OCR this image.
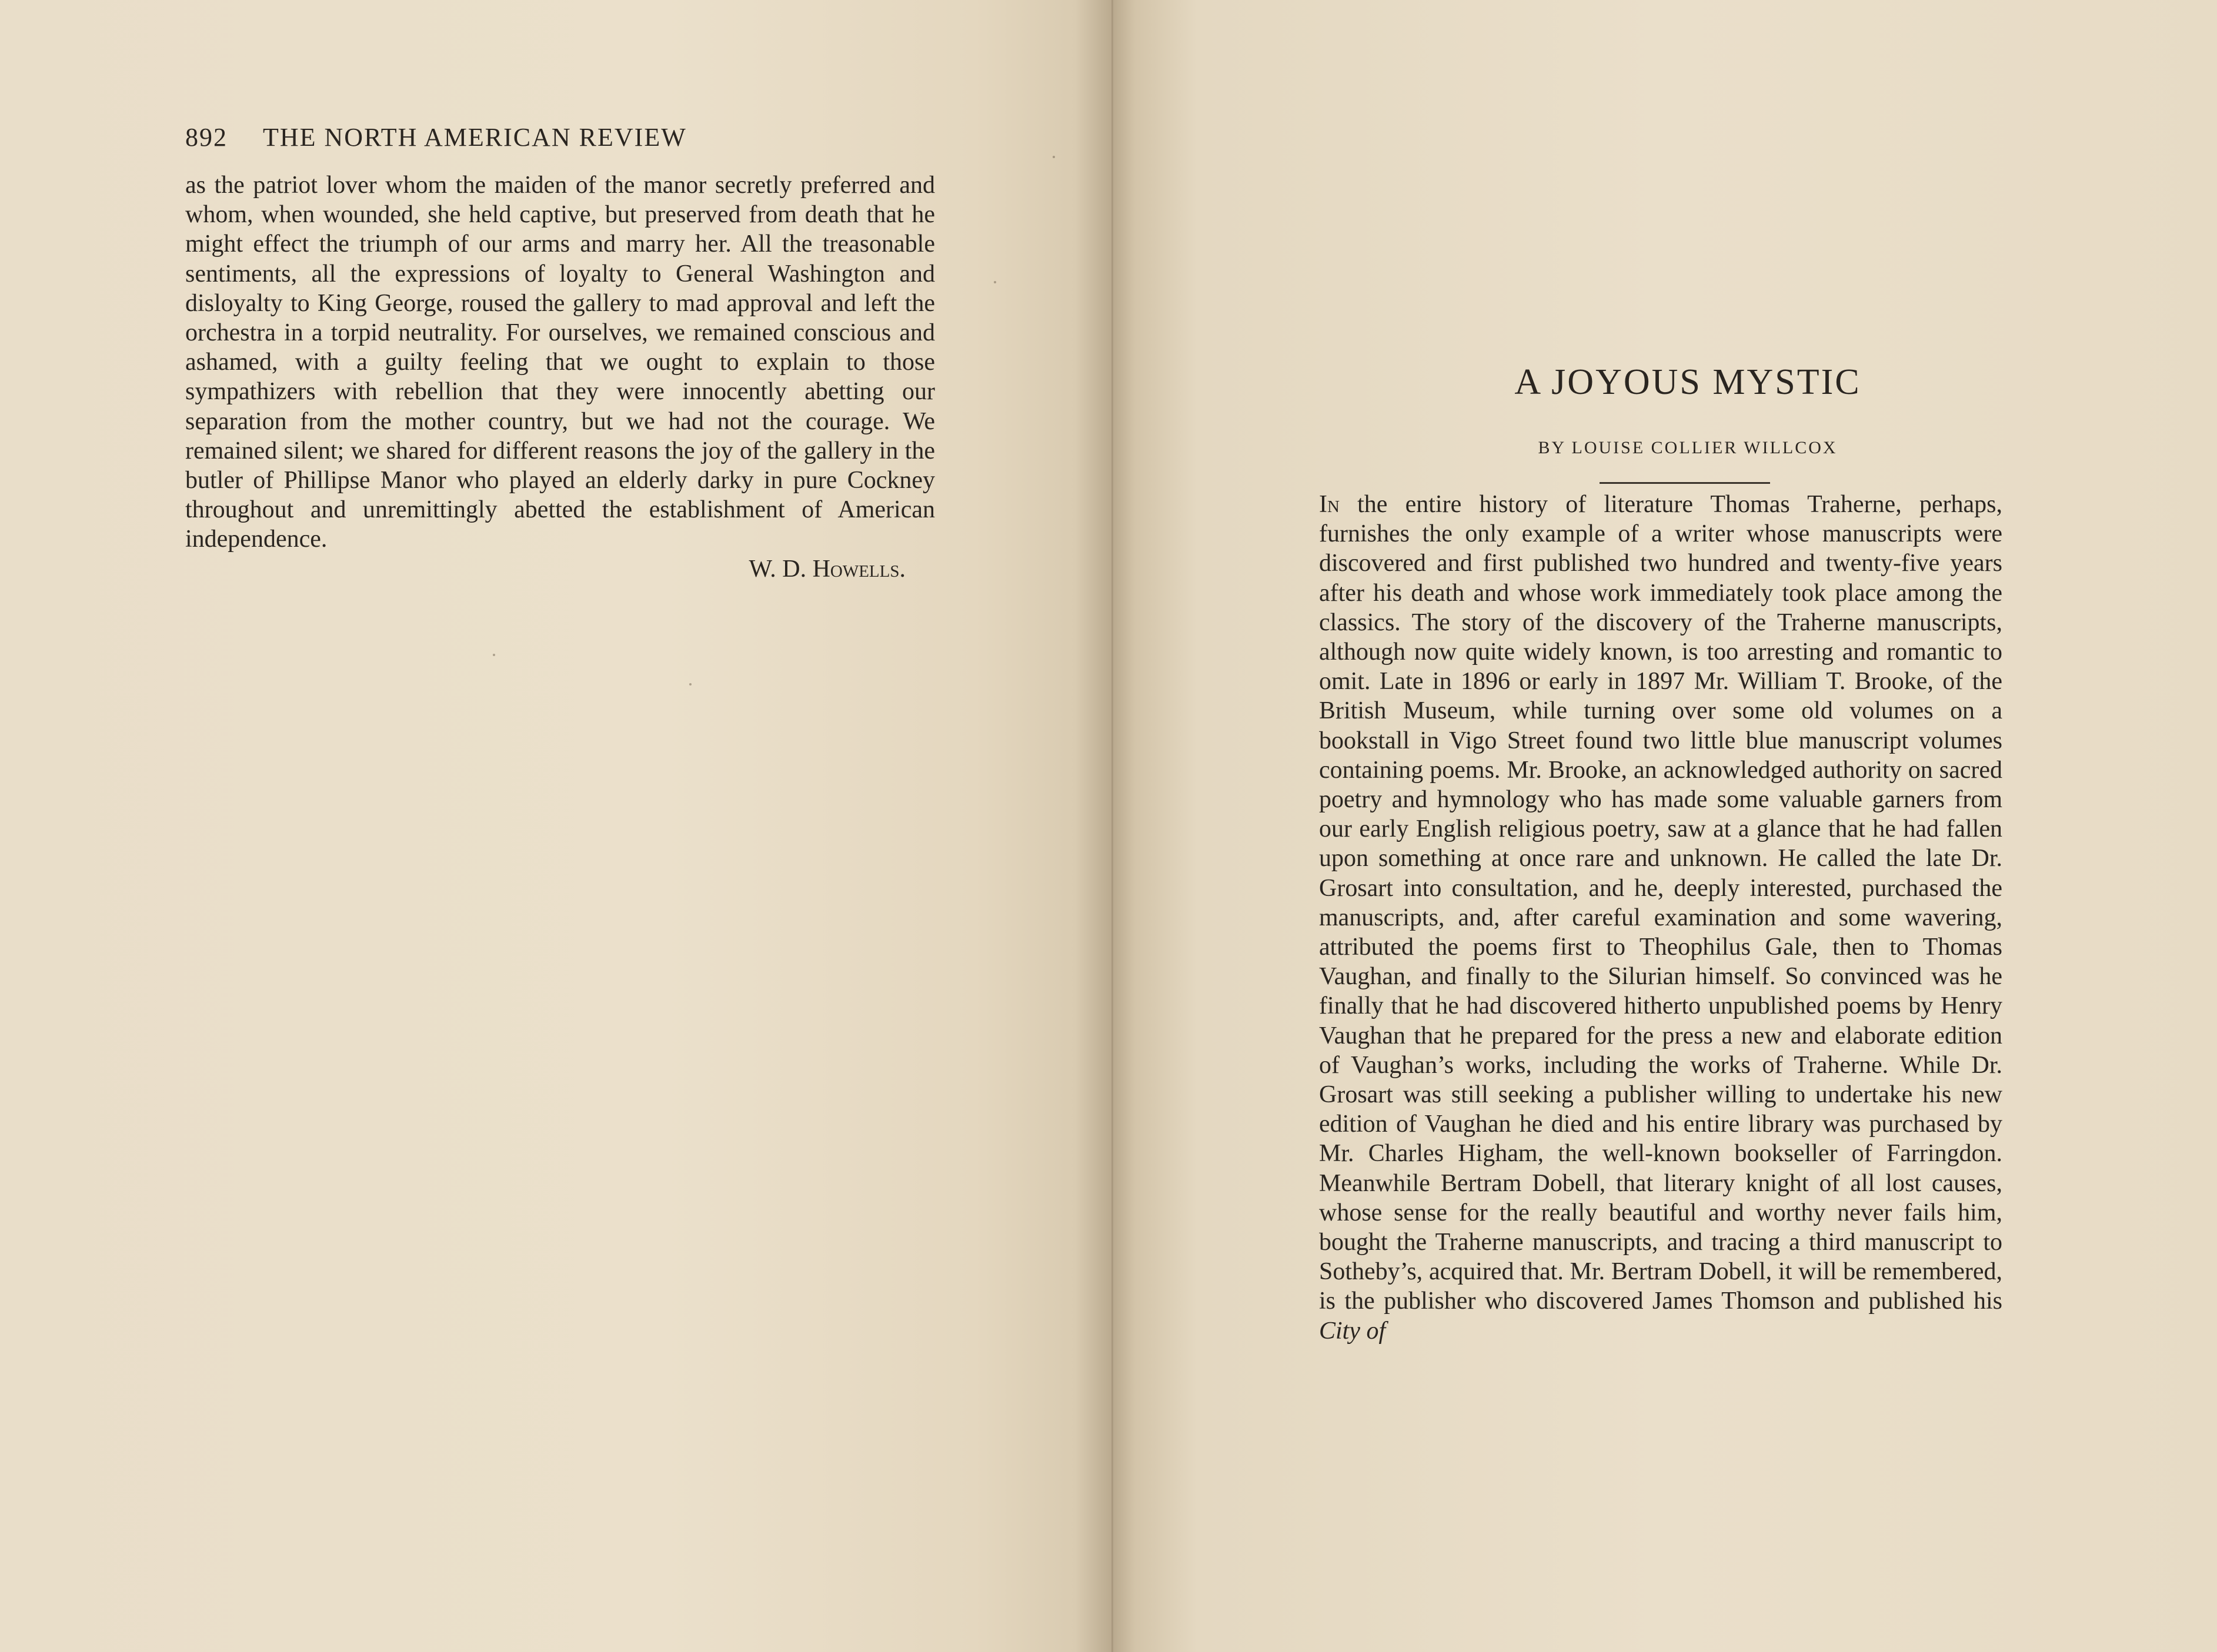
892 THE NORTH AMERICAN REVIEW

as the patriot lover whom the maiden of the manor secretly preferred and whom, when wounded, she held captive, but preserved from death that he might effect the triumph of our arms and marry her. All the treasonable sentiments, all the expressions of loyalty to General Washington and disloyalty to King George, roused the gallery to mad approval and left the orchestra in a torpid neutrality. For ourselves, we remained conscious and ashamed, with a guilty feeling that we ought to explain to those sympathizers with rebellion that they were innocently abetting our separation from the mother country, but we had not the courage. We remained silent; we shared for different reasons the joy of the gallery in the butler of Phillipse Manor who played an elderly darky in pure Cockney throughout and unremittingly abetted the establishment of American independence.

W. D. Howells.

A JOYOUS MYSTIC
BY LOUISE COLLIER WILLCOX

In the entire history of literature Thomas Traherne, perhaps, furnishes the only example of a writer whose manuscripts were discovered and first published two hundred and twenty-five years after his death and whose work immediately took place among the classics. The story of the discovery of the Traherne manuscripts, although now quite widely known, is too arresting and romantic to omit. Late in 1896 or early in 1897 Mr. William T. Brooke, of the British Museum, while turning over some old volumes on a bookstall in Vigo Street found two little blue manuscript volumes containing poems. Mr. Brooke, an acknowledged authority on sacred poetry and hymnology who has made some valuable garners from our early English religious poetry, saw at a glance that he had fallen upon something at once rare and unknown. He called the late Dr. Grosart into consultation, and he, deeply interested, purchased the manuscripts, and, after careful examination and some wavering, attributed the poems first to Theophilus Gale, then to Thomas Vaughan, and finally to the Silurian himself. So convinced was he finally that he had discovered hitherto unpublished poems by Henry Vaughan that he prepared for the press a new and elaborate edition of Vaughan’s works, including the works of Traherne. While Dr. Grosart was still seeking a publisher willing to undertake his new edition of Vaughan he died and his entire library was purchased by Mr. Charles Higham, the well-known bookseller of Farringdon. Meanwhile Bertram Dobell, that literary knight of all lost causes, whose sense for the really beautiful and worthy never fails him, bought the Traherne manuscripts, and tracing a third manuscript to Sotheby’s, acquired that. Mr. Bertram Dobell, it will be remembered, is the publisher who discovered James Thomson and published his City of
